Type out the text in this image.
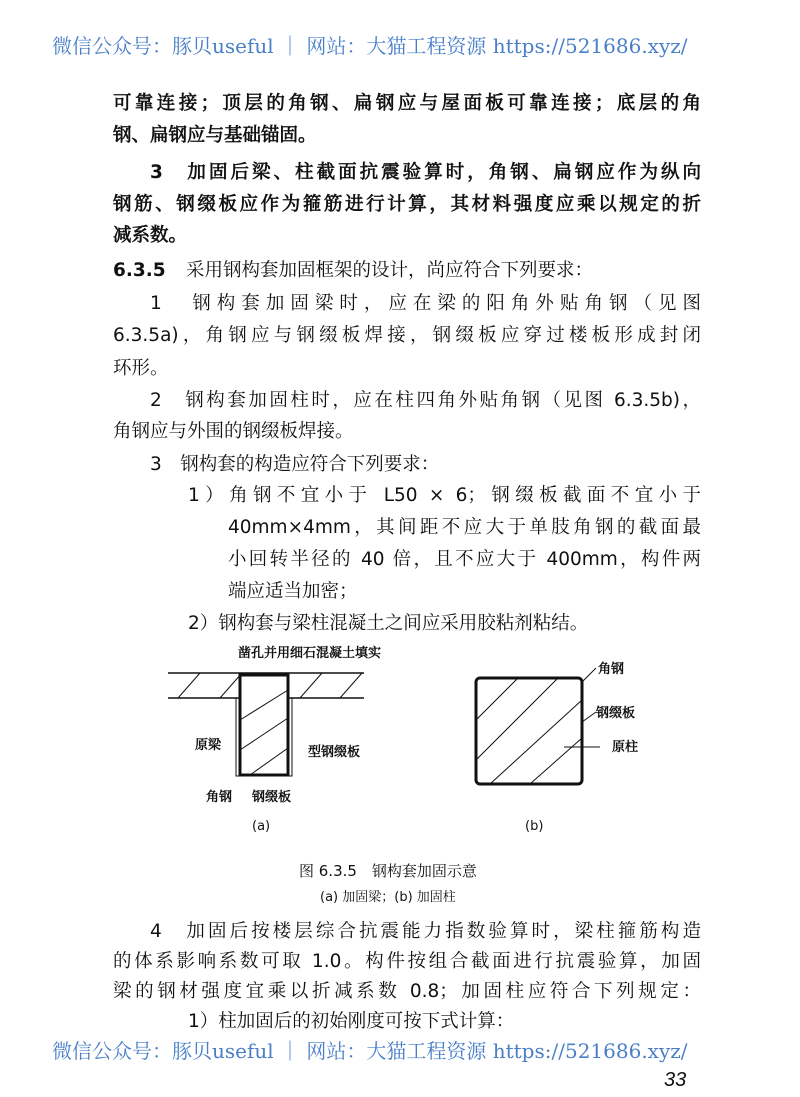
微信公众号：豚贝useful ｜ 网站：大猫工程资源 https://521686.xyz/
可靠连接；顶层的角钢、扁钢应与屋面板可靠连接；底层的角
钢、扁钢应与基础锚固。
3　加固后梁、柱截面抗震验算时，角钢、扁钢应作为纵向
钢筋、钢缀板应作为箍筋进行计算，其材料强度应乘以规定的折
减系数。
6.3.5 采用钢构套加固框架的设计，尚应符合下列要求：
1　钢构套加固梁时，应在梁的阳角外贴角钢（见图
6.3.5a)，角钢应与钢缀板焊接，钢缀板应穿过楼板形成封闭
环形。
2　钢构套加固柱时，应在柱四角外贴角钢（见图 6.3.5b)，
角钢应与外围的钢缀板焊接。
3　钢构套的构造应符合下列要求：
1）角钢不宜小于 L50 × 6；钢缀板截面不宜小于
40mm×4mm，其间距不应大于单肢角钢的截面最
小回转半径的 40 倍，且不应大于 400mm，构件两
端应适当加密；
2）钢构套与梁柱混凝土之间应采用胶粘剂粘结。
凿孔并用细石混凝土填实
原梁	型钢缀板
角钢 钢缀板
(a)
角钢
钢缀板
原柱
(b)
图 6.3.5　钢构套加固示意
(a) 加固梁；(b) 加固柱
4　加固后按楼层综合抗震能力指数验算时，梁柱箍筋构造
的体系影响系数可取 1.0。构件按组合截面进行抗震验算，加固
梁的钢材强度宜乘以折减系数 0.8；加固柱应符合下列规定：
1）柱加固后的初始刚度可按下式计算：
微信公众号：豚贝useful ｜ 网站：大猫工程资源 https://521686.xyz/
33
